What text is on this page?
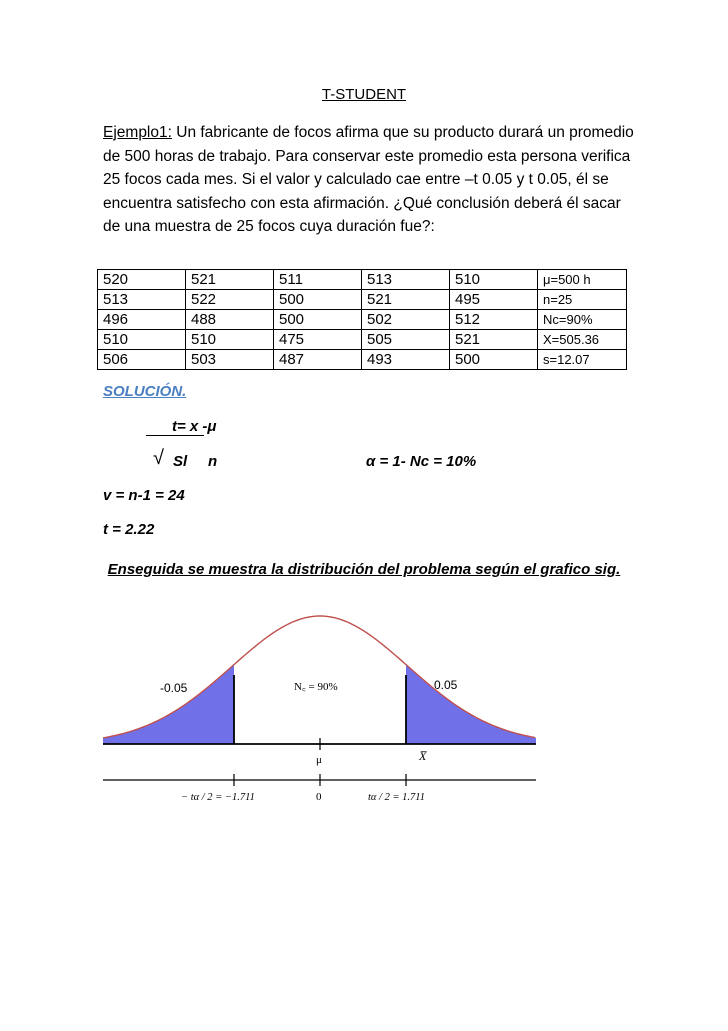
T-STUDENT
Ejemplo1: Un fabricante de focos afirma que su producto durará un promedio de 500 horas de trabajo. Para conservar este promedio esta persona verifica 25 focos cada mes. Si el valor y calculado cae entre –t 0.05 y t 0.05, él se encuentra satisfecho con esta afirmación. ¿Qué conclusión deberá él sacar de una muestra de 25 focos cuya duración fue?:
520	521	511	513	510	μ=500 h
513	522	500	521	495	n=25
496	488	500	502	512	Nc=90%
510	510	475	505	521	X=505.36
506	503	487	493	500	s=12.07
SOLUCIÓN.
t= x -μ
√ Sl     n	α = 1- Nc = 10%
v = n-1 = 24
t = 2.22
Enseguida se muestra la distribución del problema según el grafico sig.
-0.05	0.05
N꜀ = 90%
μ	X̅
− tα / 2 = −1.711	0	tα / 2 = 1.711
